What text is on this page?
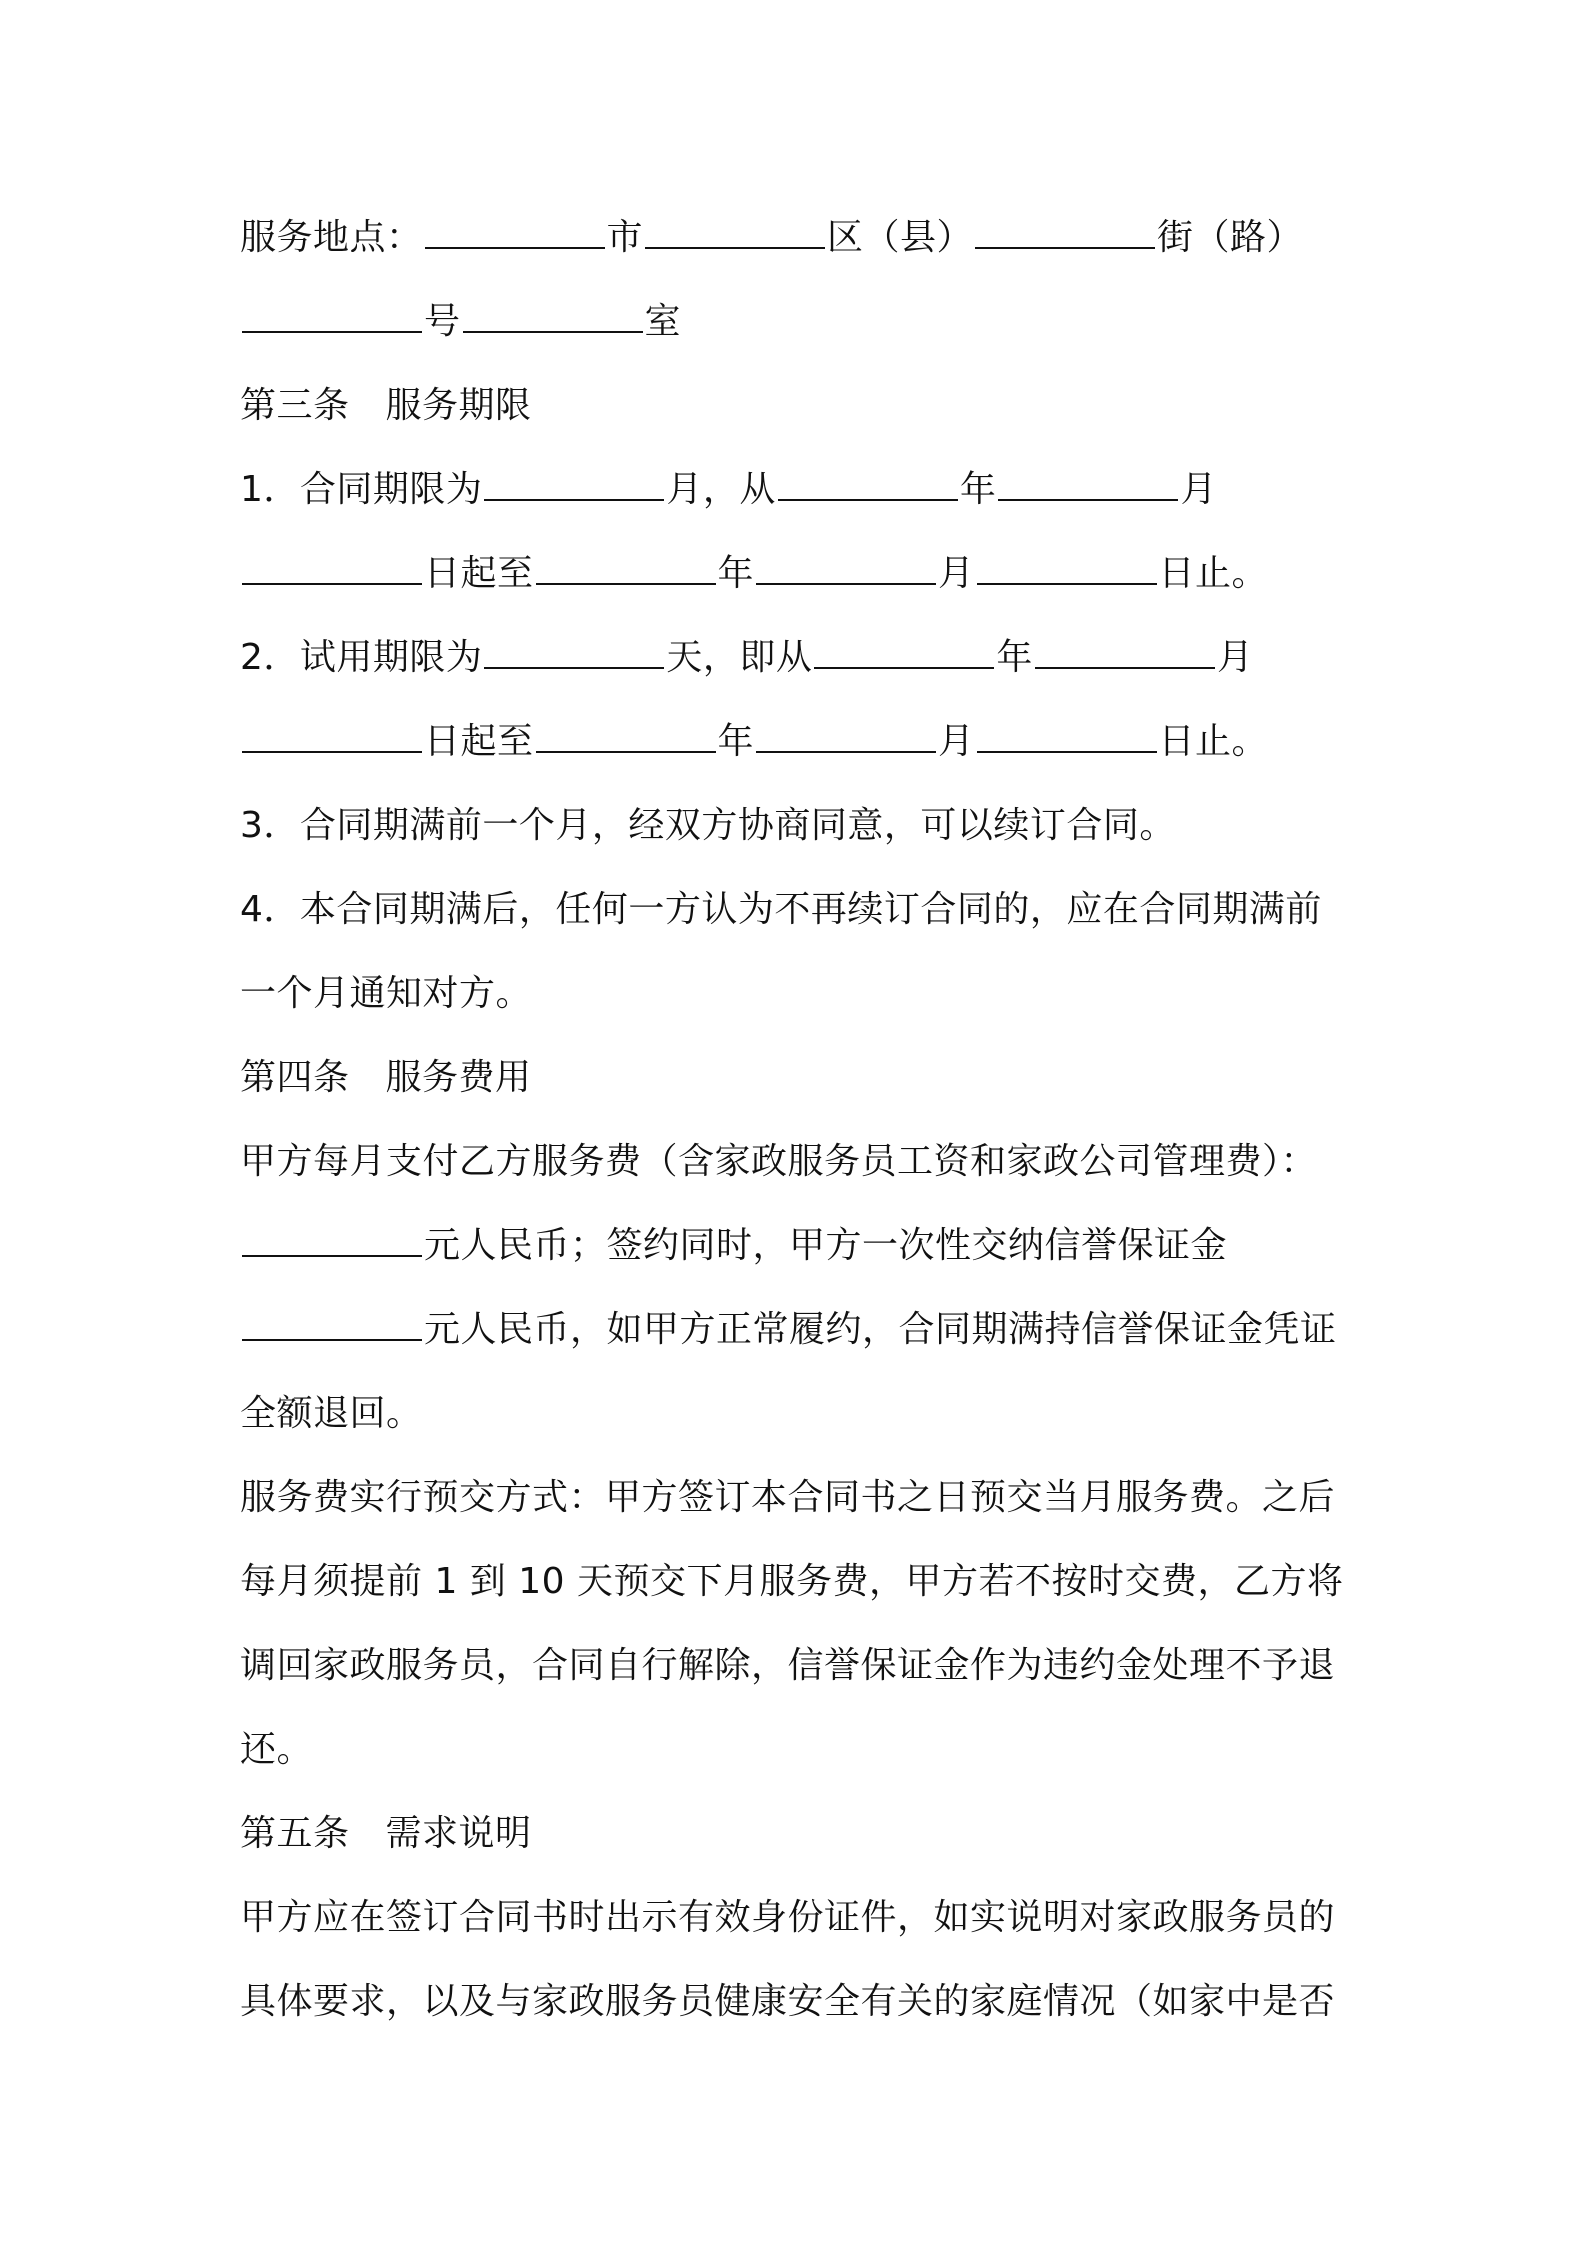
服务地点：	市	区（县）	街（路）
号	室
第三条 服务期限
1．合同期限为	月，从	年	月
日起至	年	月	日止。
2．试用期限为	天，即从	年	月
日起至	年	月	日止。
3．合同期满前一个月，经双方协商同意，可以续订合同。
4．本合同期满后，任何一方认为不再续订合同的，应在合同期满前
一个月通知对方。
第四条 服务费用
甲方每月支付乙方服务费（含家政服务员工资和家政公司管理费）：
元人民币；签约同时，甲方一次性交纳信誉保证金
元人民币，如甲方正常履约，合同期满持信誉保证金凭证
全额退回。
服务费实行预交方式：甲方签订本合同书之日预交当月服务费。之后
每月须提前 1 到 10 天预交下月服务费，甲方若不按时交费，乙方将
调回家政服务员，合同自行解除，信誉保证金作为违约金处理不予退
还。
第五条 需求说明
甲方应在签订合同书时出示有效身份证件，如实说明对家政服务员的
具体要求，以及与家政服务员健康安全有关的家庭情况（如家中是否
